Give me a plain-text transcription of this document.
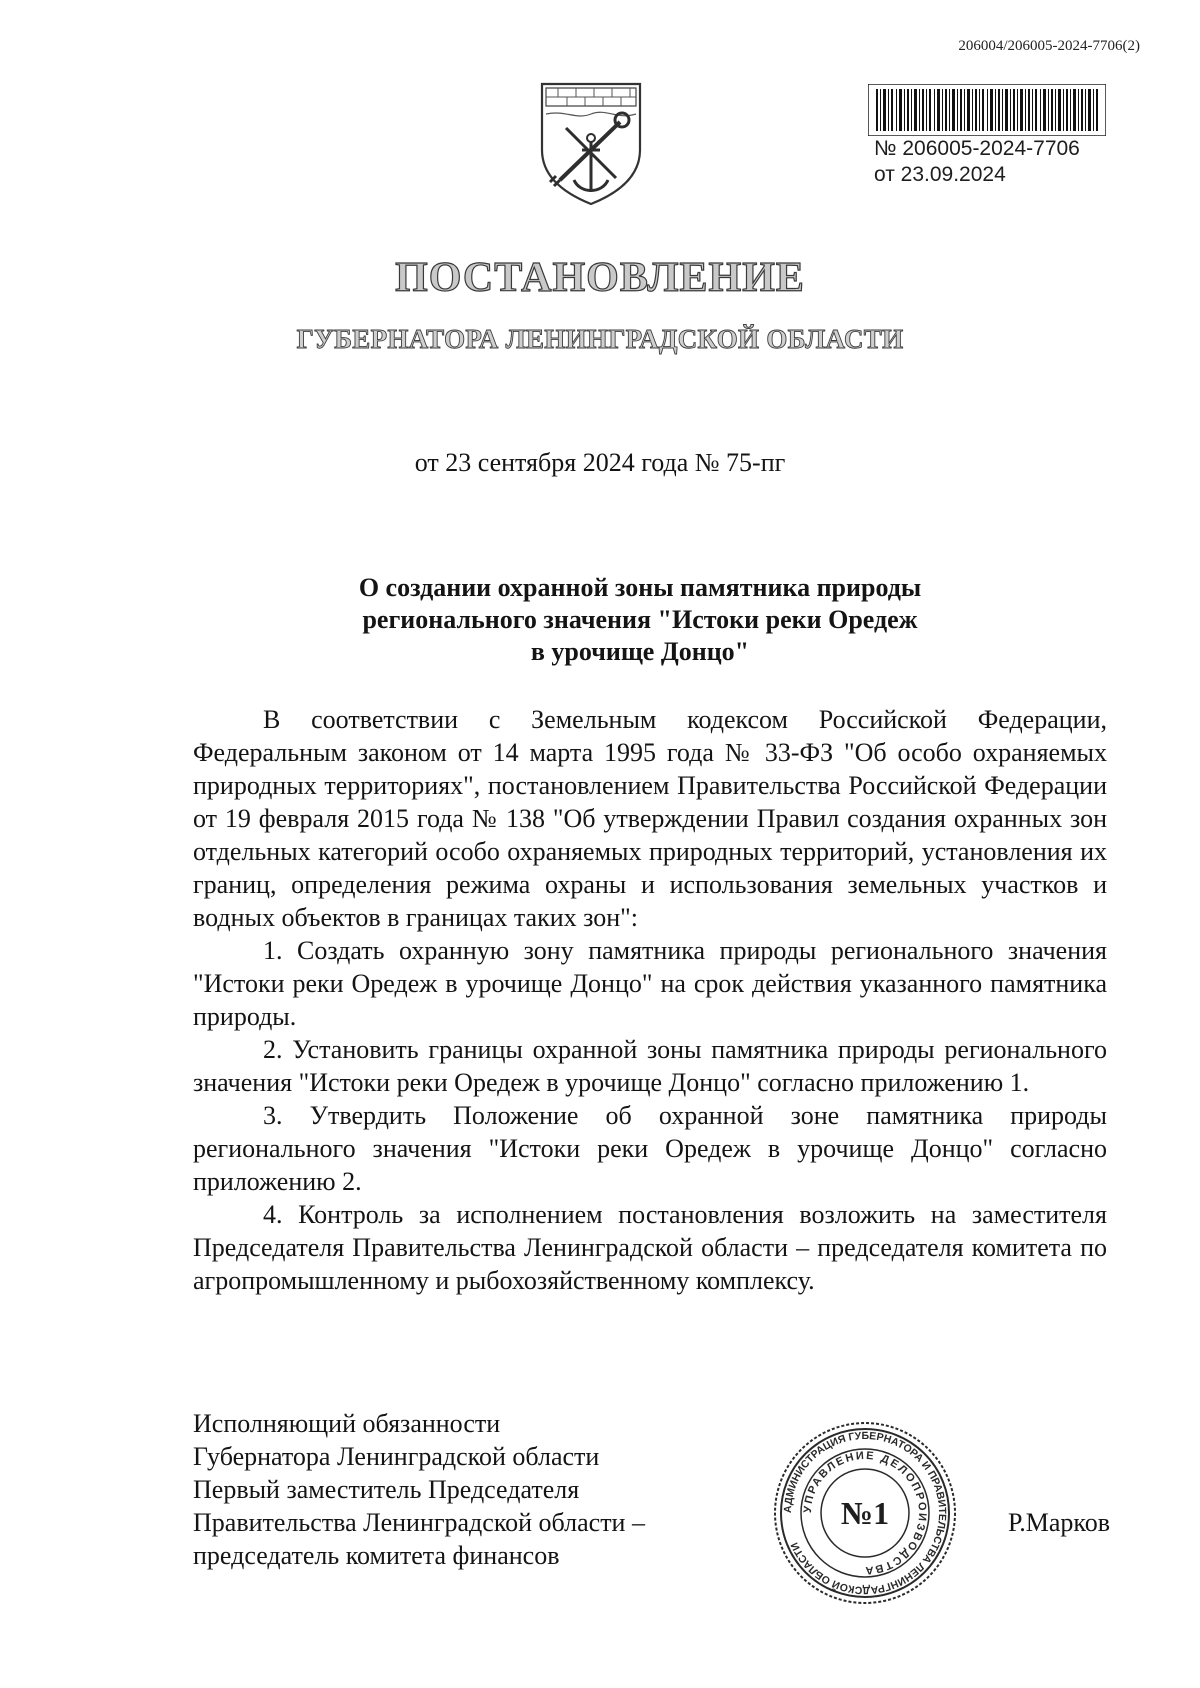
206004/206005-2024-7706(2)
№ 206005-2024-7706
от 23.09.2024
ПОСТАНОВЛЕНИЕ
ГУБЕРНАТОРА ЛЕНИНГРАДСКОЙ ОБЛАСТИ
от 23 сентября 2024 года № 75-пг
О создании охранной зоны памятника природы
регионального значения "Истоки реки Оредеж
в урочище Донцо"

В соответствии с Земельным кодексом Российской Федерации, Федеральным законом от 14 марта 1995 года № 33-ФЗ "Об особо охраняемых природных территориях", постановлением Правительства Российской Федерации от 19 февраля 2015 года № 138 "Об утверждении Правил создания охранных зон отдельных категорий особо охраняемых природных территорий, установления их границ, определения режима охраны и использования земельных участков и водных объектов в границах таких зон":

1. Создать охранную зону памятника природы регионального значения "Истоки реки Оредеж в урочище Донцо" на срок действия указанного памятника природы.

2. Установить границы охранной зоны памятника природы регионального значения "Истоки реки Оредеж в урочище Донцо" согласно приложению 1.

3. Утвердить Положение об охранной зоне памятника природы регионального значения "Истоки реки Оредеж в урочище Донцо" согласно приложению 2.

4. Контроль за исполнением постановления возложить на заместителя Председателя Правительства Ленинградской области – председателя комитета по агропромышленному и рыбохозяйственному комплексу.

Исполняющий обязанности
Губернатора Ленинградской области
Первый заместитель Председателя
Правительства Ленинградской области –
председатель комитета финансов
АДМИНИСТРАЦИЯ ГУБЕРНАТОРА И ПРАВИТЕЛЬСТВА ЛЕНИНГРАДСКОЙ ОБЛАСТИ
УПРАВЛЕНИЕ ДЕЛОПРОИЗВОДСТВА
№1	Р.Марков
